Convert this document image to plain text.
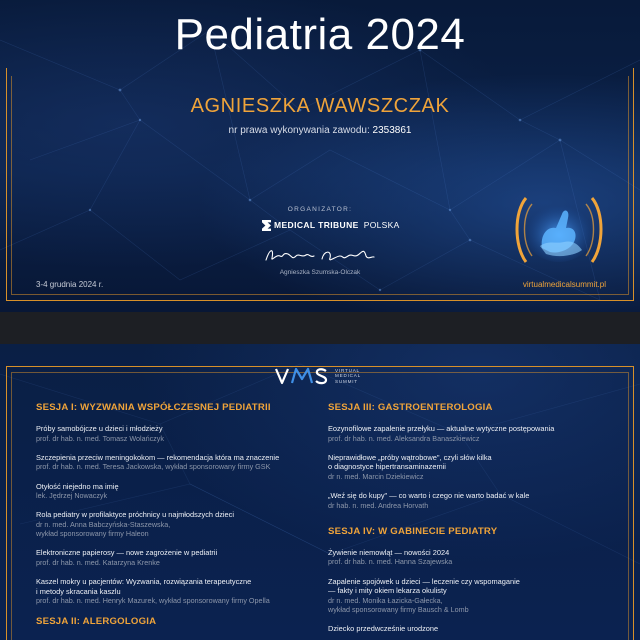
Pediatria 2024
AGNIESZKA WAWSZCZAK
nr prawa wykonywania zawodu: 2353861
ORGANIZATOR:
MEDICAL TRIBUNE POLSKA
Agnieszka Szumska-Olczak
3-4 grudnia 2024 r.	virtualmedicalsummit.pl
VIRTUAL
MEDICAL
SUMMIT
SESJA I: WYZWANIA WSPÓŁCZESNEJ PEDIATRII
Próby samobójcze u dzieci i młodzieży
prof. dr hab. n. med. Tomasz Wolańczyk
Szczepienia przeciw meningokokom — rekomendacja która ma znaczenie
prof. dr hab. n. med. Teresa Jackowska, wykład sponsorowany firmy GSK
Otyłość niejedno ma imię
lek. Jędrzej Nowaczyk
Rola pediatry w profilaktyce próchnicy u najmłodszych dzieci
dr n. med. Anna Babczyńska-Staszewska,
wykład sponsorowany firmy Haleon
Elektroniczne papierosy — nowe zagrożenie w pediatrii
prof. dr hab. n. med. Katarzyna Krenke
Kaszel mokry u pacjentów: Wyzwania, rozwiązania terapeutyczne
i metody skracania kaszlu
prof. dr hab. n. med. Henryk Mazurek, wykład sponsorowany firmy Opella
SESJA II: ALERGOLOGIA
SESJA III: GASTROENTEROLOGIA
Eozynofilowe zapalenie przełyku — aktualne wytyczne postępowania
prof. dr hab. n. med. Aleksandra Banaszkiewicz
Nieprawidłowe „próby wątrobowe", czyli słów kilka
o diagnostyce hipertransaminazemii
dr n. med. Marcin Dziekiewicz
„Weź się do kupy" — co warto i czego nie warto badać w kale
dr hab. n. med. Andrea Horvath
SESJA IV: W GABINECIE PEDIATRY
Żywienie niemowląt — nowości 2024
prof. dr hab. n. med. Hanna Szajewska
Zapalenie spojówek u dzieci — leczenie czy wspomaganie
— fakty i mity okiem lekarza okulisty
dr n. med. Monika Łazicka-Gałecka,
wykład sponsorowany firmy Bausch & Lomb
Dziecko przedwcześnie urodzone
